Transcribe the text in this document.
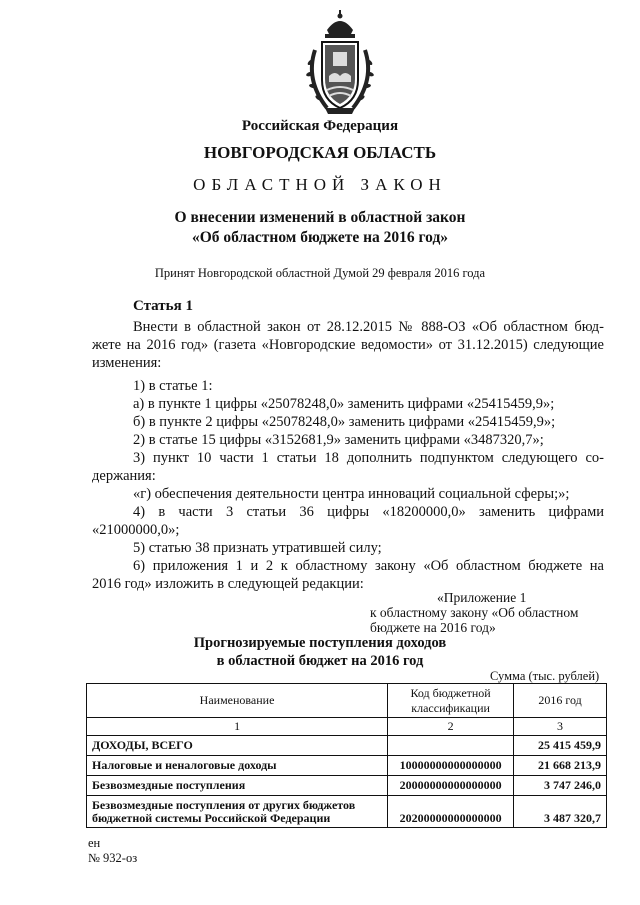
Российская Федерация
НОВГОРОДСКАЯ ОБЛАСТЬ
ОБЛАСТНОЙ ЗАКОН
О внесении изменений в областной закон
«Об областном бюджете на 2016 год»
Принят Новгородской областной Думой 29 февраля 2016 года
Статья 1
Внести в областной закон от 28.12.2015 № 888-ОЗ «Об областном бюд-
жете на 2016 год» (газета «Новгородские ведомости» от 31.12.2015) следующие
изменения:
1) в статье 1:
а) в пункте 1 цифры «25078248,0» заменить цифрами «25415459,9»;
б) в пункте 2 цифры «25078248,0» заменить цифрами «25415459,9»;
2) в статье 15 цифры «3152681,9» заменить цифрами «3487320,7»;
3) пункт 10 части 1 статьи 18 дополнить подпунктом следующего со-
держания:
«г) обеспечения деятельности центра инноваций социальной сферы;»;
4) в части 3 статьи 36 цифры «18200000,0» заменить цифрами
«21000000,0»;
5) статью 38 признать утратившей силу;
6) приложения 1 и 2 к областному закону «Об областном бюджете на
2016 год» изложить в следующей редакции:
«Приложение 1
к областному закону «Об областном
бюджете на 2016 год»
Прогнозируемые поступления доходов
в областной бюджет на 2016 год
Сумма (тыс. рублей)
Наименование	Код бюджетной классификации	2016 год
1	2	3
ДОХОДЫ, ВСЕГО		25 415 459,9
Налоговые и неналоговые доходы	10000000000000000	21 668 213,9
Безвозмездные поступления	20000000000000000	3 747 246,0
Безвозмездные поступления от других бюджетов бюджетной системы Российской Федерации	20200000000000000	3 487 320,7
ен
№ 932-оз
